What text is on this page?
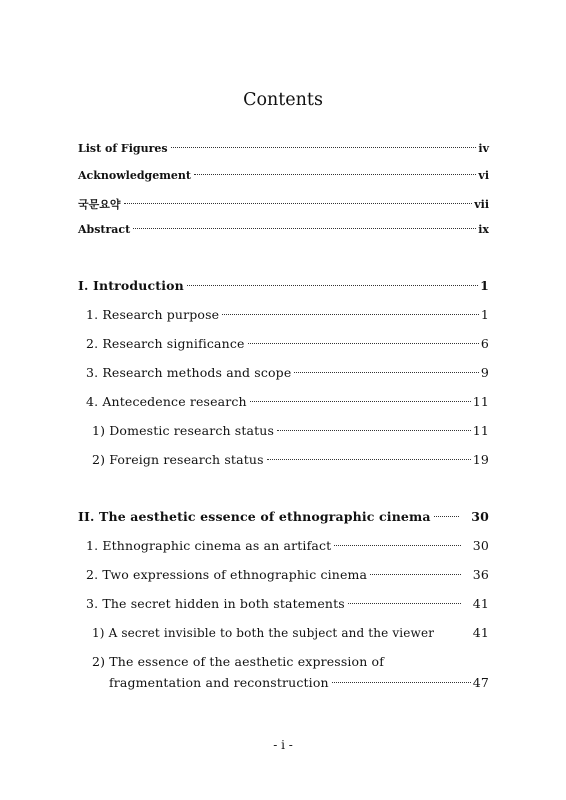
Contents
List of Figures	iv
Acknowledgement	vi
국문요약	vii
Abstract	ix
I. Introduction	1
1. Research purpose	1
2. Research significance	6
3. Research methods and scope	9
4. Antecedence research	11
1) Domestic research status	11
2) Foreign research status	19
II. The aesthetic essence of ethnographic cinema	30
1. Ethnographic cinema as an artifact	30
2. Two expressions of ethnographic cinema	36
3. The secret hidden in both statements	41
1) A secret invisible to both the subject and the viewer	41
2) The essence of the aesthetic expression of
fragmentation and reconstruction	47
- i -
